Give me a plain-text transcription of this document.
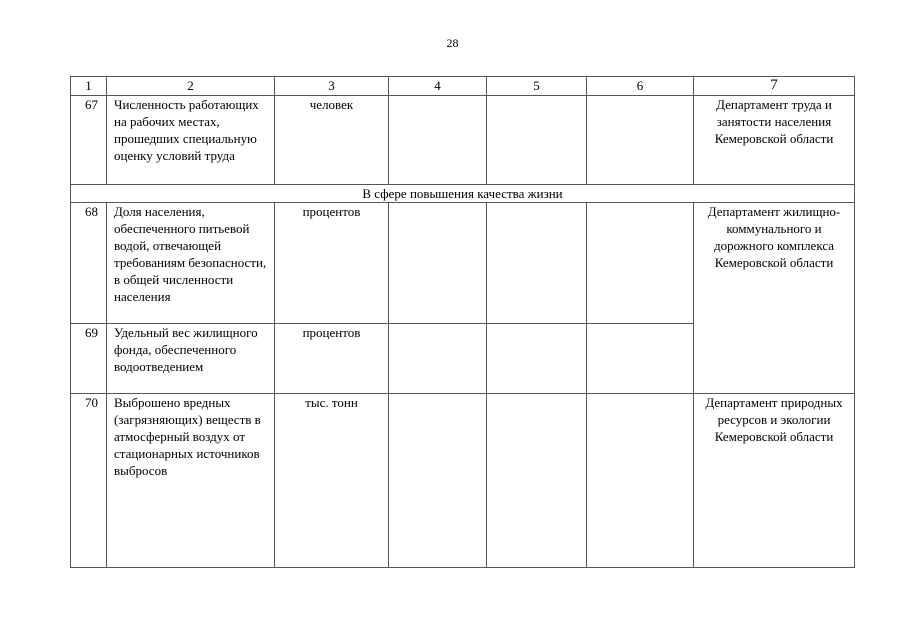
28
1	2	3	4	5	6	7
67	Численность работающих на рабочих местах, прошедших специальную оценку условий труда	человек				Департамент труда и занятости населения Кемеровской области
В сфере повышения качества жизни						
68	Доля населения, обеспеченного питьевой водой, отвечающей требованиям безопасности, в общей численности населения	процентов				Департамент жилищно-коммунального и дорожного комплекса Кемеровской области
69	Удельный вес жилищного фонда, обеспеченного водоотведением	процентов				
70	Выброшено вредных (загрязняющих) веществ в атмосферный воздух от стационарных источников выбросов	тыс. тонн				Департамент природных ресурсов и экологии Кемеровской области
